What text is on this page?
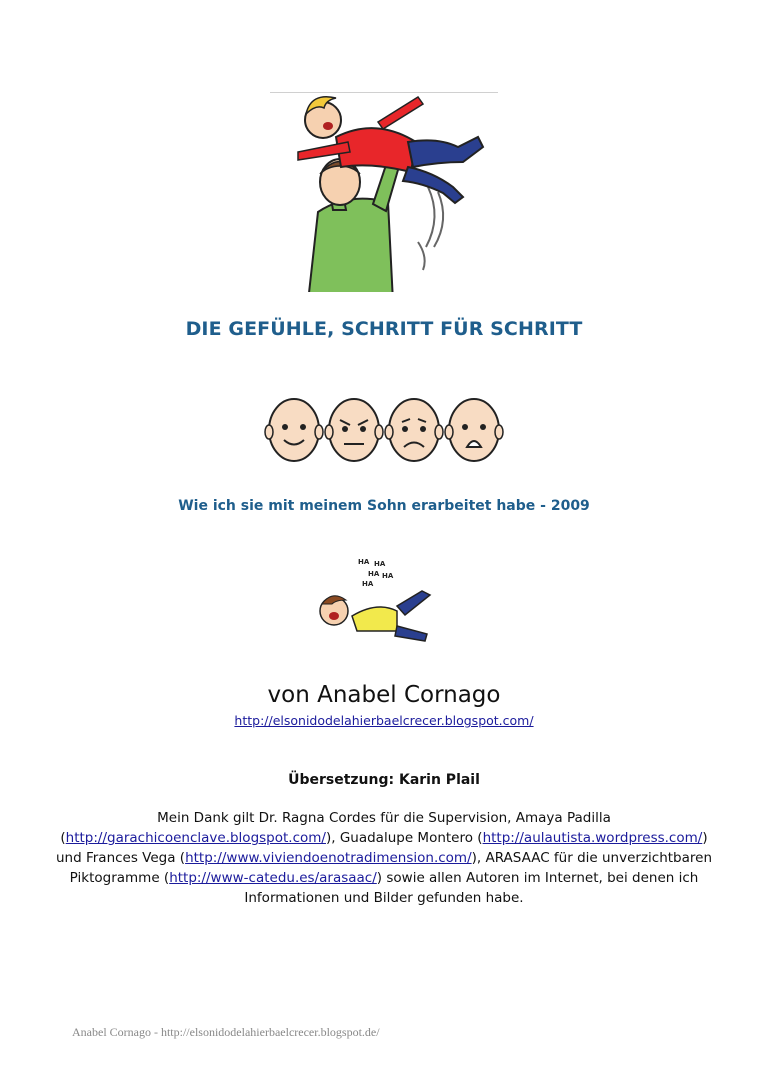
DIE GEFÜHLE, SCHRITT FÜR SCHRITT
Wie ich sie mit meinem Sohn erarbeitet habe - 2009
HA HA
HA HA
HA
von Anabel Cornago
http://elsonidodelahierbaelcrecer.blogspot.com/
Übersetzung: Karin Plail
Mein Dank gilt Dr. Ragna Cordes für die Supervision, Amaya Padilla (http://garachicoenclave.blogspot.com/), Guadalupe Montero (http://aulautista.wordpress.com/) und Frances Vega (http://www.viviendoenotradimension.com/), ARASAAC für die unverzichtbaren Piktogramme (http://www-catedu.es/arasaac/) sowie allen Autoren im Internet, bei denen ich Informationen und Bilder gefunden habe.
Anabel Cornago - http://elsonidodelahierbaelcrecer.blogspot.de/
